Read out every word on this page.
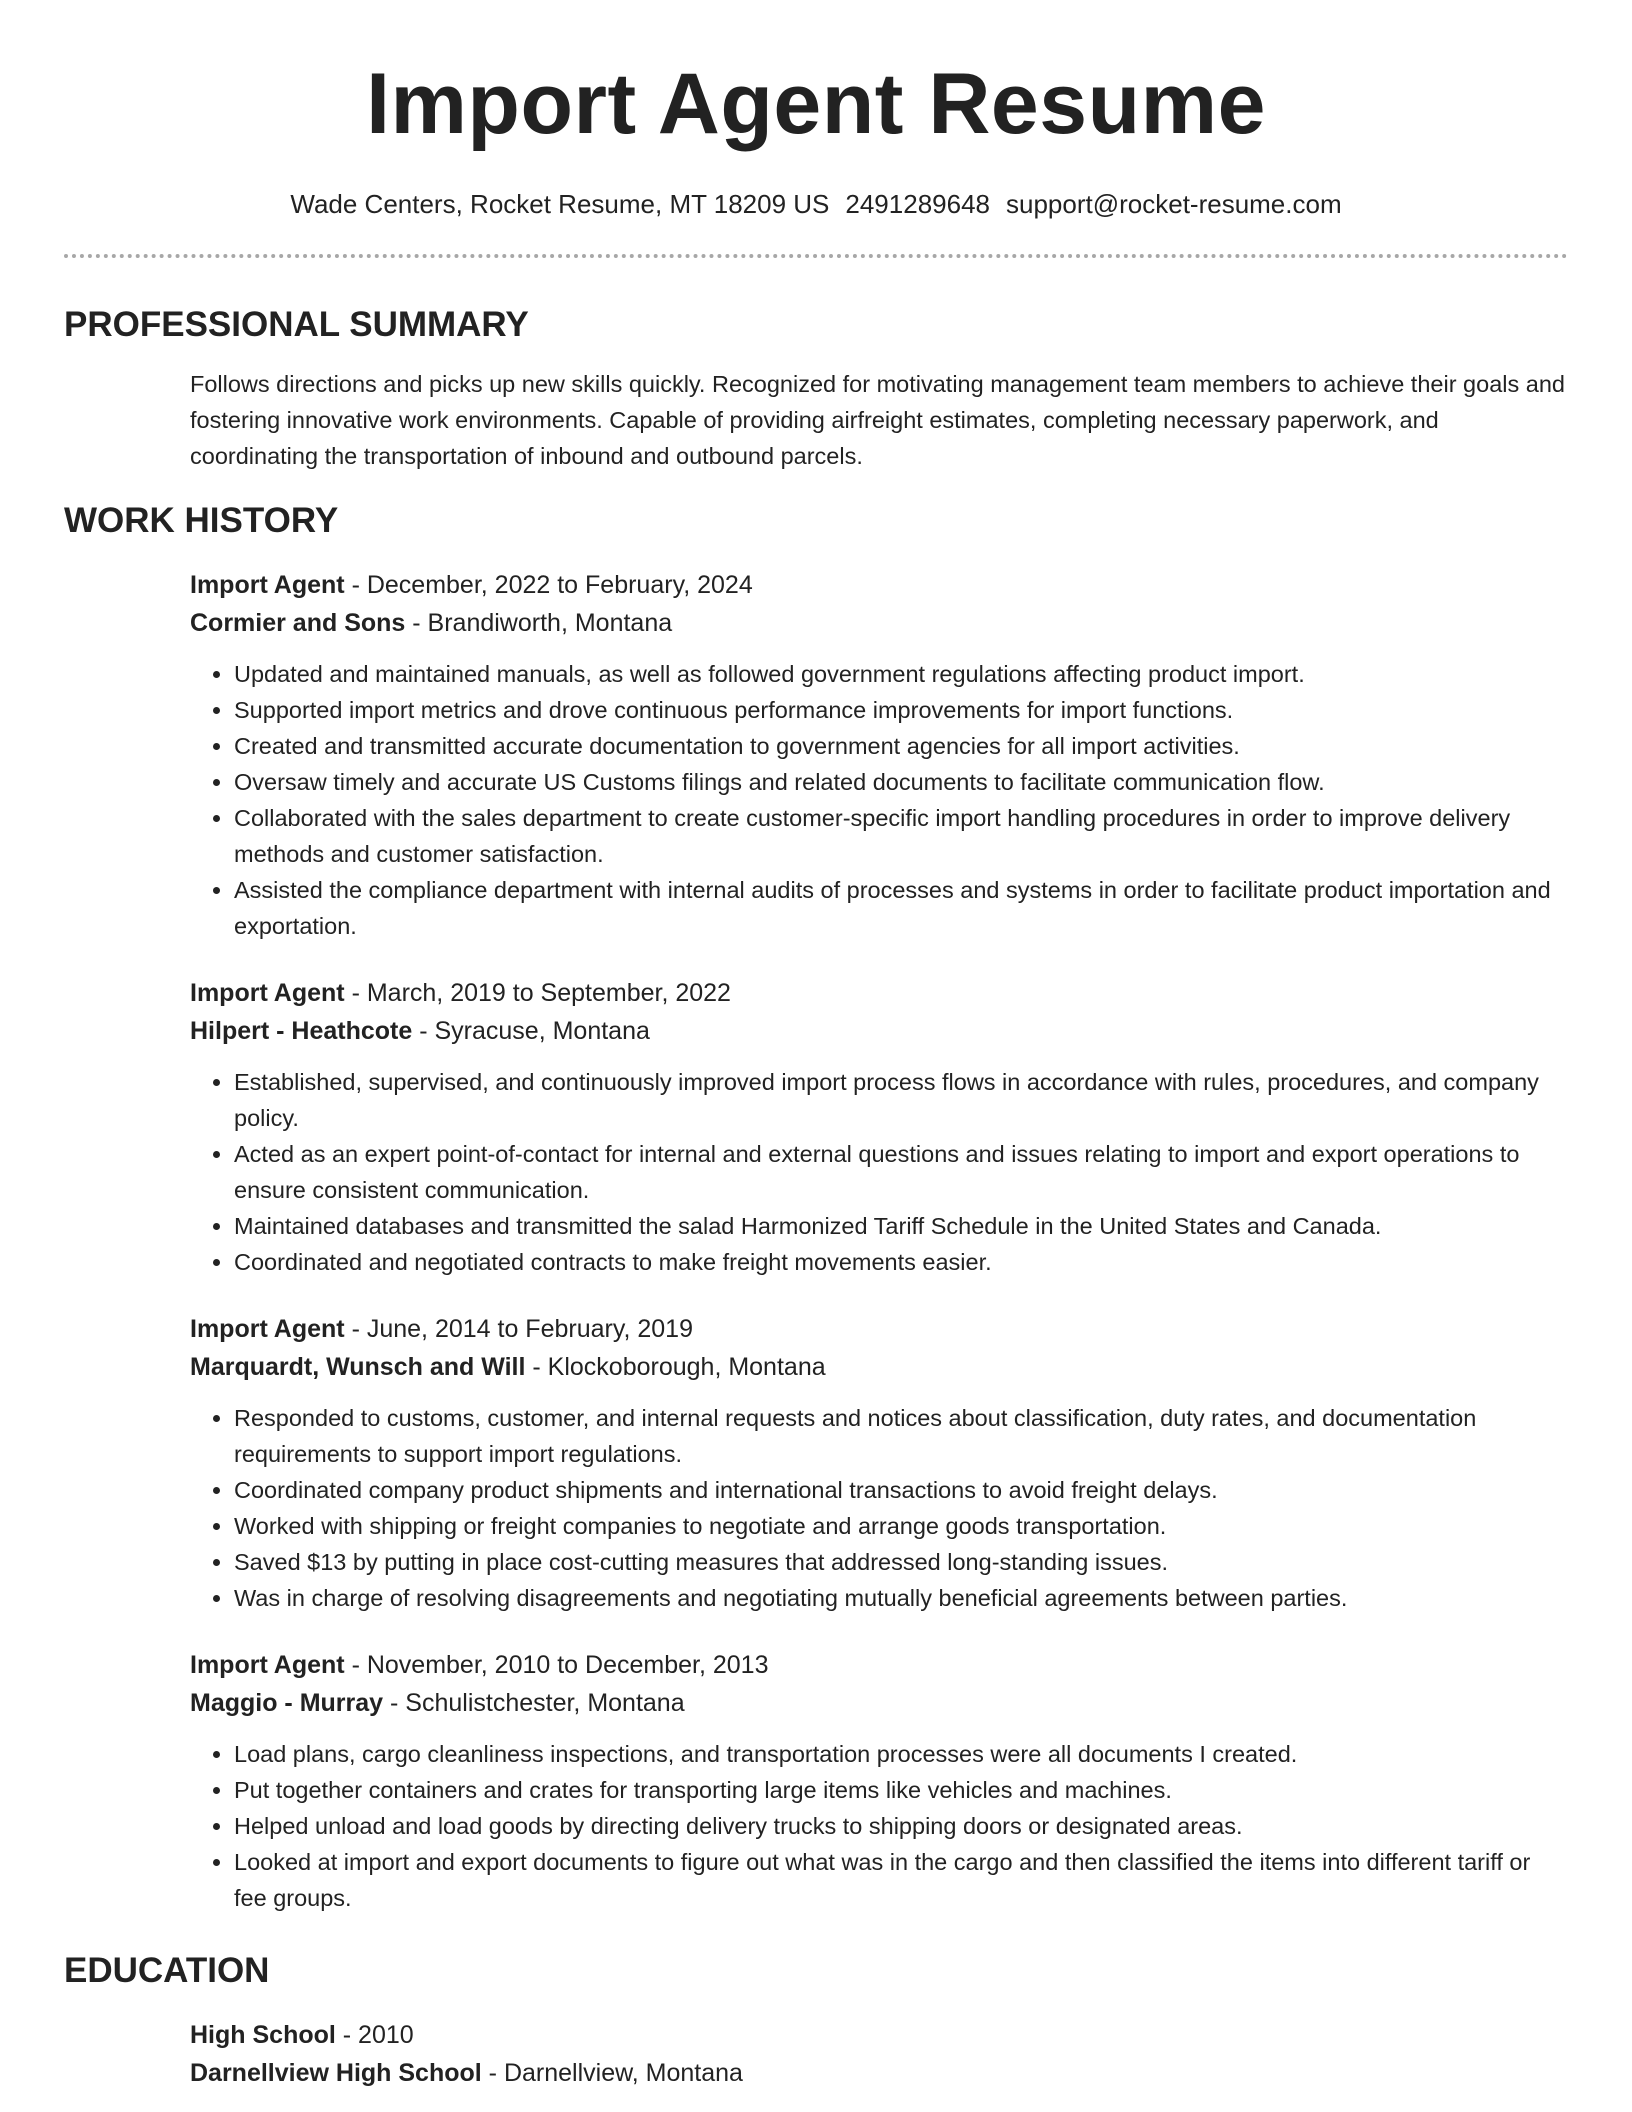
Import Agent Resume
Wade Centers, Rocket Resume, MT 18209 US 2491289648 support@rocket-resume.com
PROFESSIONAL SUMMARY
Follows directions and picks up new skills quickly. Recognized for motivating management team members to achieve their goals and fostering innovative work environments. Capable of providing airfreight estimates, completing necessary paperwork, and coordinating the transportation of inbound and outbound parcels.
WORK HISTORY
Import Agent - December, 2022 to February, 2024
Cormier and Sons - Brandiworth, Montana
• Updated and maintained manuals, as well as followed government regulations affecting product import.
• Supported import metrics and drove continuous performance improvements for import functions.
• Created and transmitted accurate documentation to government agencies for all import activities.
• Oversaw timely and accurate US Customs filings and related documents to facilitate communication flow.
• Collaborated with the sales department to create customer-specific import handling procedures in order to improve delivery methods and customer satisfaction.
• Assisted the compliance department with internal audits of processes and systems in order to facilitate product importation and exportation.
Import Agent - March, 2019 to September, 2022
Hilpert - Heathcote - Syracuse, Montana
• Established, supervised, and continuously improved import process flows in accordance with rules, procedures, and company policy.
• Acted as an expert point-of-contact for internal and external questions and issues relating to import and export operations to ensure consistent communication.
• Maintained databases and transmitted the salad Harmonized Tariff Schedule in the United States and Canada.
• Coordinated and negotiated contracts to make freight movements easier.
Import Agent - June, 2014 to February, 2019
Marquardt, Wunsch and Will - Klockoborough, Montana
• Responded to customs, customer, and internal requests and notices about classification, duty rates, and documentation requirements to support import regulations.
• Coordinated company product shipments and international transactions to avoid freight delays.
• Worked with shipping or freight companies to negotiate and arrange goods transportation.
• Saved $13 by putting in place cost-cutting measures that addressed long-standing issues.
• Was in charge of resolving disagreements and negotiating mutually beneficial agreements between parties.
Import Agent - November, 2010 to December, 2013
Maggio - Murray - Schulistchester, Montana
• Load plans, cargo cleanliness inspections, and transportation processes were all documents I created.
• Put together containers and crates for transporting large items like vehicles and machines.
• Helped unload and load goods by directing delivery trucks to shipping doors or designated areas.
• Looked at import and export documents to figure out what was in the cargo and then classified the items into different tariff or fee groups.
EDUCATION
High School - 2010
Darnellview High School - Darnellview, Montana
